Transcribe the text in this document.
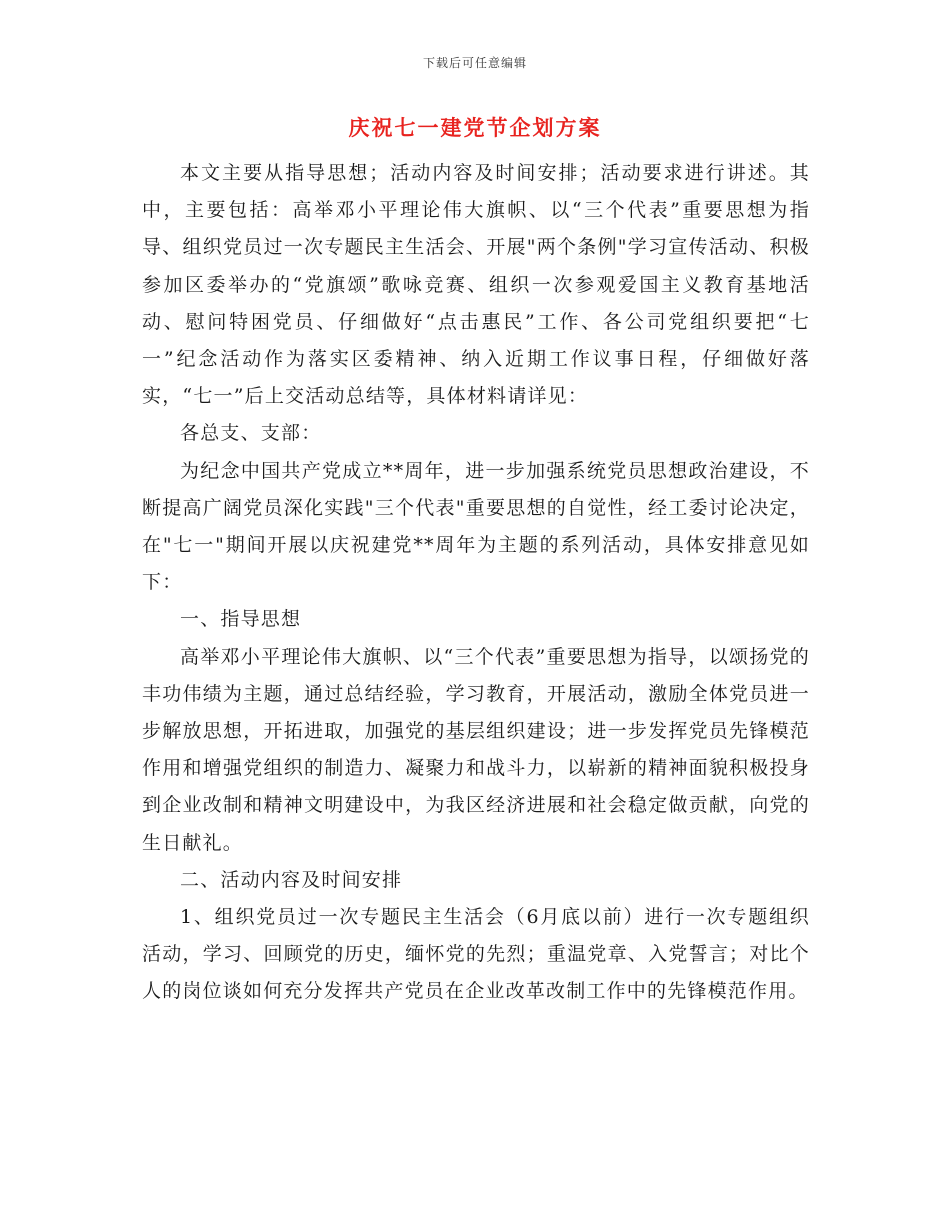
下载后可任意编辑
庆祝七一建党节企划方案

本文主要从指导思想；活动内容及时间安排；活动要求进行讲述。其中，主要包括：高举邓小平理论伟大旗帜、以“三个代表”重要思想为指导、组织党员过一次专题民主生活会、开展"两个条例"学习宣传活动、积极参加区委举办的“党旗颂”歌咏竞赛、组织一次参观爱国主义教育基地活动、慰问特困党员、仔细做好“点击惠民”工作、各公司党组织要把“七一”纪念活动作为落实区委精神、纳入近期工作议事日程，仔细做好落实，“七一”后上交活动总结等，具体材料请详见：

各总支、支部：

为纪念中国共产党成立**周年，进一步加强系统党员思想政治建设，不断提高广阔党员深化实践"三个代表"重要思想的自觉性，经工委讨论决定，在"七一"期间开展以庆祝建党**周年为主题的系列活动，具体安排意见如下：

一、指导思想

高举邓小平理论伟大旗帜、以“三个代表”重要思想为指导，以颂扬党的丰功伟绩为主题，通过总结经验，学习教育，开展活动，激励全体党员进一步解放思想，开拓进取，加强党的基层组织建设；进一步发挥党员先锋模范作用和增强党组织的制造力、凝聚力和战斗力，以崭新的精神面貌积极投身到企业改制和精神文明建设中，为我区经济进展和社会稳定做贡献，向党的生日献礼。

二、活动内容及时间安排

1、组织党员过一次专题民主生活会（6月底以前）进行一次专题组织活动，学习、回顾党的历史，缅怀党的先烈；重温党章、入党誓言；对比个人的岗位谈如何充分发挥共产党员在企业改革改制工作中的先锋模范作用。
